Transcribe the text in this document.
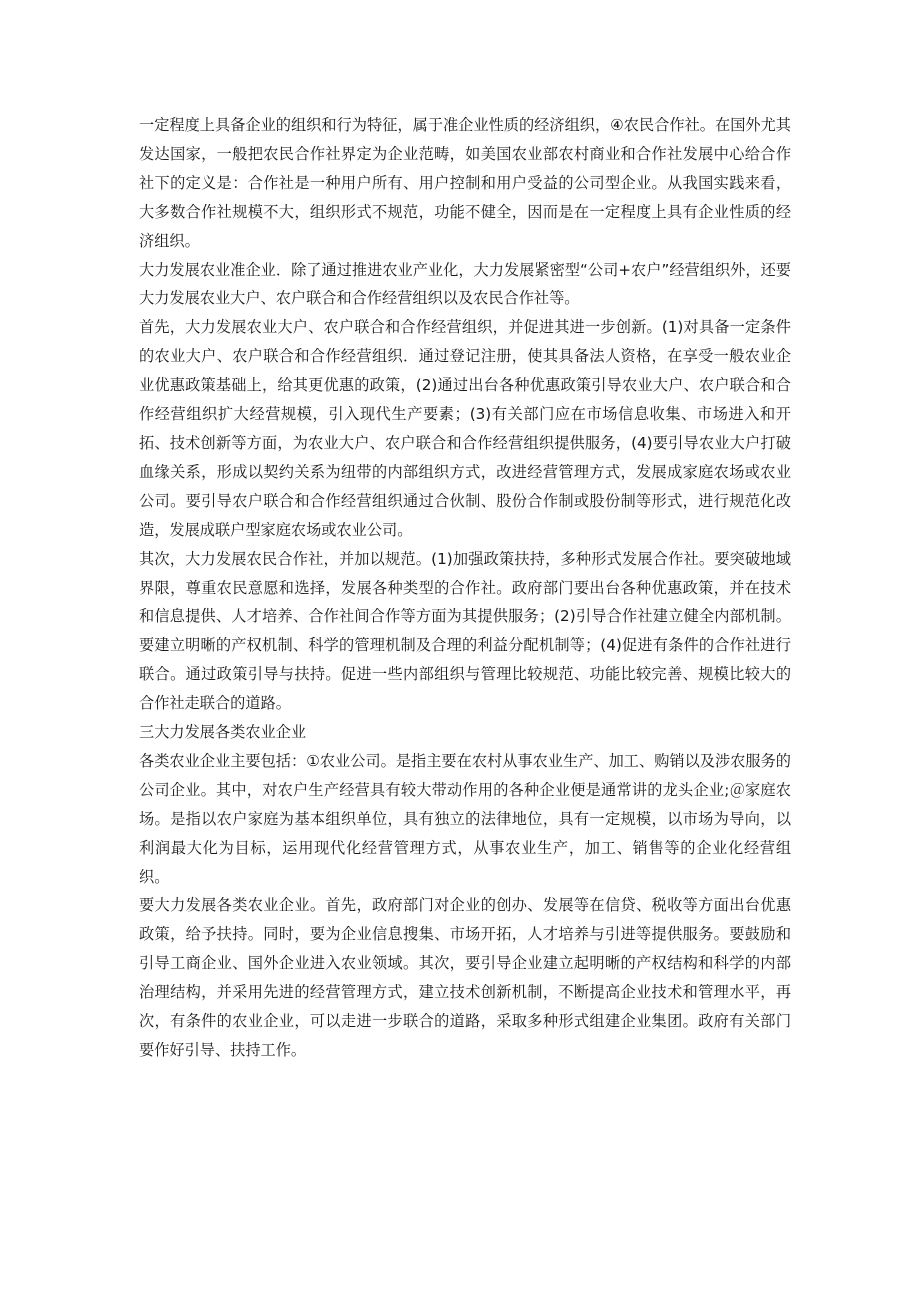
一定程度上具备企业的组织和行为特征，属于准企业性质的经济组织，④农民合作社。在国外尤其发达国家，一般把农民合作社界定为企业范畴，如美国农业部农村商业和合作社发展中心给合作社下的定义是：合作社是一种用户所有、用户控制和用户受益的公司型企业。从我国实践来看，大多数合作社规模不大，组织形式不规范，功能不健全，因而是在一定程度上具有企业性质的经济组织。

大力发展农业准企业．除了通过推进农业产业化，大力发展紧密型“公司+农户”经营组织外，还要大力发展农业大户、农户联合和合作经营组织以及农民合作社等。

首先，大力发展农业大户、农户联合和合作经营组织，并促进其进一步创新。(1)对具备一定条件的农业大户、农户联合和合作经营组织．通过登记注册，使其具备法人资格，在享受一般农业企业优惠政策基础上，给其更优惠的政策，(2)通过出台各种优惠政策引导农业大户、农户联合和合作经营组织扩大经营规模，引入现代生产要素；(3)有关部门应在市场信息收集、市场进入和开拓、技术创新等方面，为农业大户、农户联合和合作经营组织提供服务，(4)要引导农业大户打破血缘关系，形成以契约关系为纽带的内部组织方式，改进经营管理方式，发展成家庭农场或农业公司。要引导农户联合和合作经营组织通过合伙制、股份合作制或股份制等形式，进行规范化改造，发展成联户型家庭农场或农业公司。

其次，大力发展农民合作社，并加以规范。(1)加强政策扶持，多种形式发展合作社。要突破地域界限，尊重农民意愿和选择，发展各种类型的合作社。政府部门要出台各种优惠政策，并在技术和信息提供、人才培养、合作社间合作等方面为其提供服务；(2)引导合作社建立健全内部机制。要建立明晰的产权机制、科学的管理机制及合理的利益分配机制等；(4)促进有条件的合作社进行联合。通过政策引导与扶持。促进一些内部组织与管理比较规范、功能比较完善、规模比较大的合作社走联合的道路。

三大力发展各类农业企业

各类农业企业主要包括：①农业公司。是指主要在农村从事农业生产、加工、购销以及涉农服务的公司企业。其中，对农户生产经营具有较大带动作用的各种企业便是通常讲的龙头企业;＠家庭农场。是指以农户家庭为基本组织单位，具有独立的法律地位，具有一定规模，以市场为导向，以利润最大化为目标，运用现代化经营管理方式，从事农业生产，加工、销售等的企业化经营组织。

要大力发展各类农业企业。首先，政府部门对企业的创办、发展等在信贷、税收等方面出台优惠政策，给予扶持。同时，要为企业信息搜集、市场开拓，人才培养与引进等提供服务。要鼓励和引导工商企业、国外企业进入农业领域。其次，要引导企业建立起明晰的产权结构和科学的内部治理结构，并采用先进的经营管理方式，建立技术创新机制，不断提高企业技术和管理水平，再次，有条件的农业企业，可以走进一步联合的道路，采取多种形式组建企业集团。政府有关部门要作好引导、扶持工作。
